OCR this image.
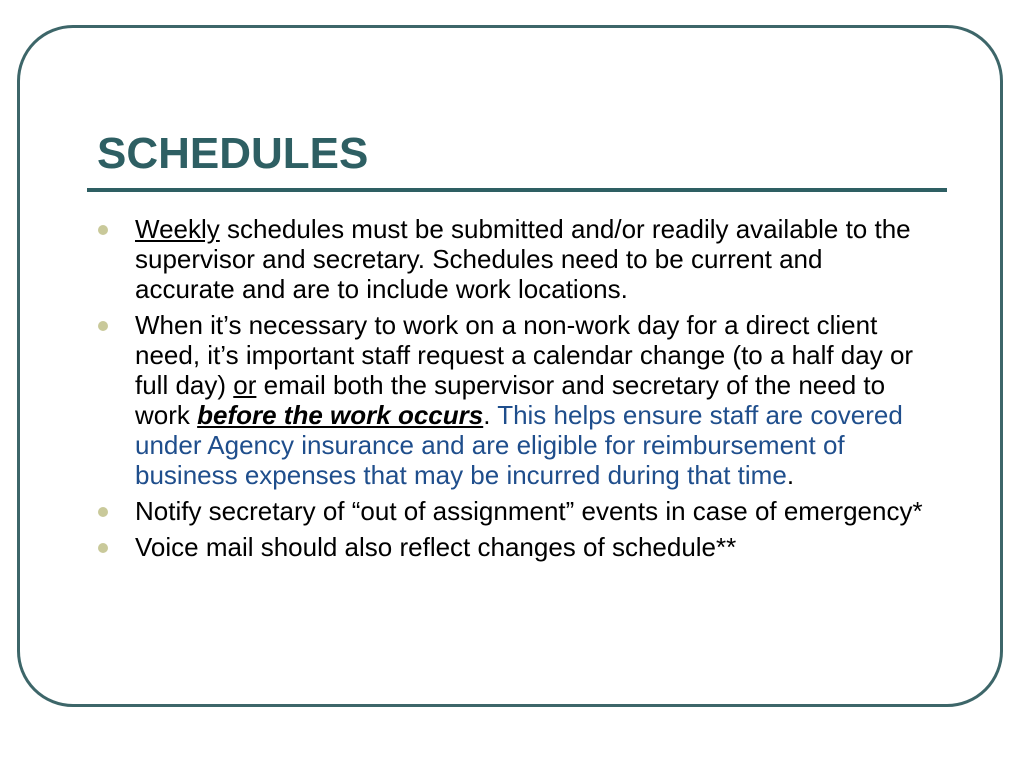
SCHEDULES
Weekly schedules must be submitted and/or readily available to the supervisor and secretary. Schedules need to be current and accurate and are to include work locations.
When it’s necessary to work on a non-work day for a direct client need, it’s important staff request a calendar change (to a half day or full day) or email both the supervisor and secretary of the need to work before the work occurs. This helps ensure staff are covered under Agency insurance and are eligible for reimbursement of business expenses that may be incurred during that time.
Notify secretary of “out of assignment” events in case of emergency*
Voice mail should also reflect changes of schedule**
